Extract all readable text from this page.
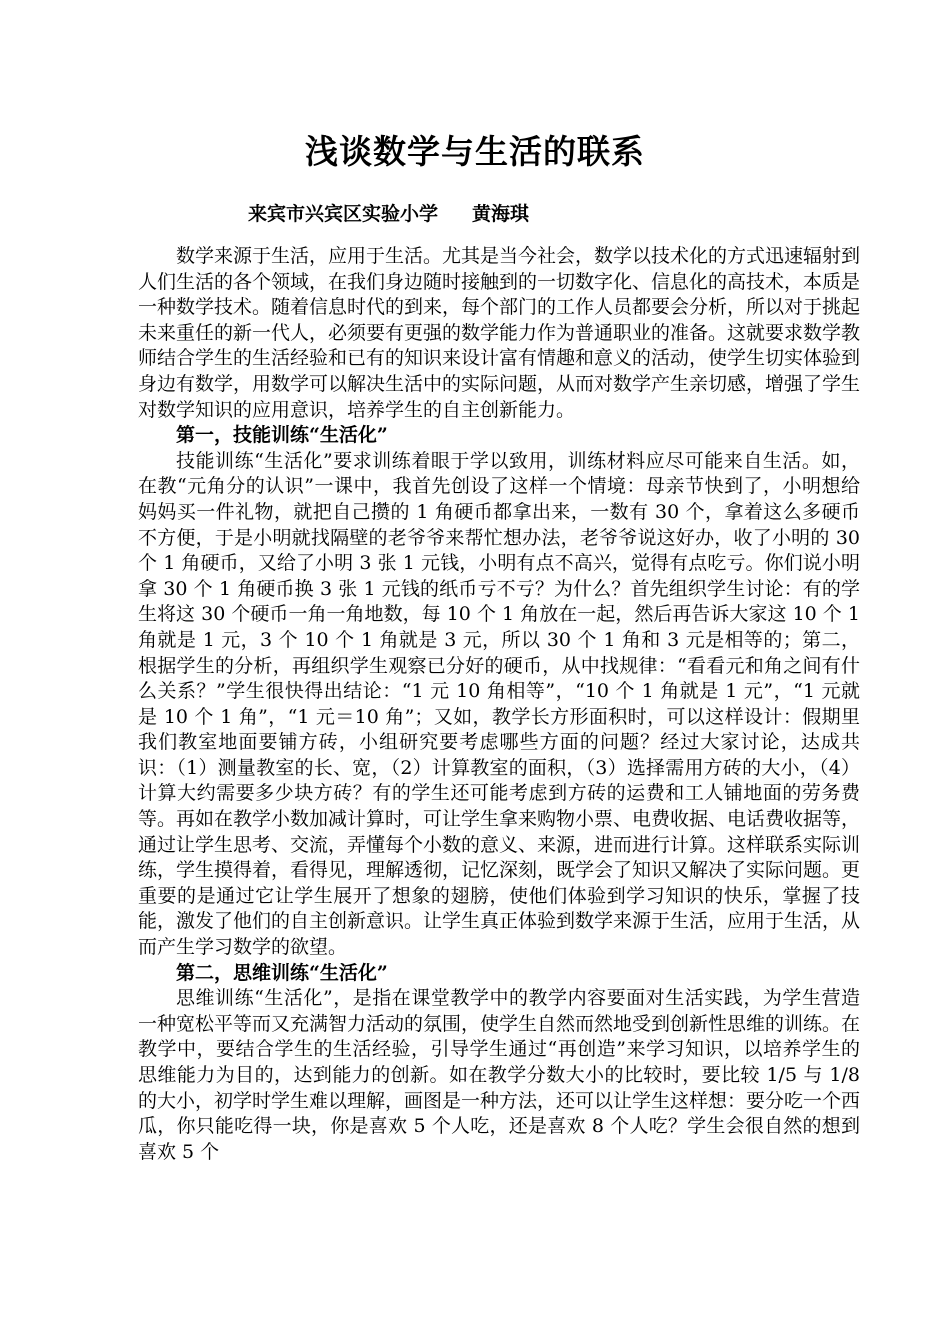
浅谈数学与生活的联系
来宾市兴宾区实验小学 黄海琪

数学来源于生活，应用于生活。尤其是当今社会，数学以技术化的方式迅速辐射到人们生活的各个领域，在我们身边随时接触到的一切数字化、信息化的高技术，本质是一种数学技术。随着信息时代的到来，每个部门的工作人员都要会分析，所以对于挑起未来重任的新一代人，必须要有更强的数学能力作为普通职业的准备。这就要求数学教师结合学生的生活经验和已有的知识来设计富有情趣和意义的活动，使学生切实体验到身边有数学，用数学可以解决生活中的实际问题，从而对数学产生亲切感，增强了学生对数学知识的应用意识，培养学生的自主创新能力。

第一，技能训练“生活化”

技能训练“生活化”要求训练着眼于学以致用，训练材料应尽可能来自生活。如，在教“元角分的认识”一课中，我首先创设了这样一个情境：母亲节快到了，小明想给妈妈买一件礼物，就把自己攒的 1 角硬币都拿出来，一数有 30 个，拿着这么多硬币不方便，于是小明就找隔壁的老爷爷来帮忙想办法，老爷爷说这好办，收了小明的 30 个 1 角硬币，又给了小明 3 张 1 元钱，小明有点不高兴，觉得有点吃亏。你们说小明拿 30 个 1 角硬币换 3 张 1 元钱的纸币亏不亏？为什么？首先组织学生讨论：有的学生将这 30 个硬币一角一角地数，每 10 个 1 角放在一起，然后再告诉大家这 10 个 1 角就是 1 元，3 个 10 个 1 角就是 3 元，所以 30 个 1 角和 3 元是相等的；第二，根据学生的分析，再组织学生观察已分好的硬币，从中找规律：“看看元和角之间有什么关系？”学生很快得出结论：“1 元 10 角相等”，“10 个 1 角就是 1 元”，“1 元就是 10 个 1 角”，“1 元＝10 角”；又如，教学长方形面积时，可以这样设计：假期里我们教室地面要铺方砖，小组研究要考虑哪些方面的问题？经过大家讨论，达成共识：（1）测量教室的长、宽，（2）计算教室的面积，（3）选择需用方砖的大小，（4）计算大约需要多少块方砖？有的学生还可能考虑到方砖的运费和工人铺地面的劳务费等。再如在教学小数加减计算时，可让学生拿来购物小票、电费收据、电话费收据等，通过让学生思考、交流，弄懂每个小数的意义、来源，进而进行计算。这样联系实际训练，学生摸得着，看得见，理解透彻，记忆深刻，既学会了知识又解决了实际问题。更重要的是通过它让学生展开了想象的翅膀，使他们体验到学习知识的快乐，掌握了技能，激发了他们的自主创新意识。让学生真正体验到数学来源于生活，应用于生活，从而产生学习数学的欲望。

第二，思维训练“生活化”

思维训练“生活化”，是指在课堂教学中的教学内容要面对生活实践，为学生营造一种宽松平等而又充满智力活动的氛围，使学生自然而然地受到创新性思维的训练。在教学中，要结合学生的生活经验，引导学生通过“再创造”来学习知识，以培养学生的思维能力为目的，达到能力的创新。如在教学分数大小的比较时，要比较 1/5 与 1/8 的大小，初学时学生难以理解，画图是一种方法，还可以让学生这样想：要分吃一个西瓜，你只能吃得一块，你是喜欢 5 个人吃，还是喜欢 8 个人吃？学生会很自然的想到喜欢 5 个
